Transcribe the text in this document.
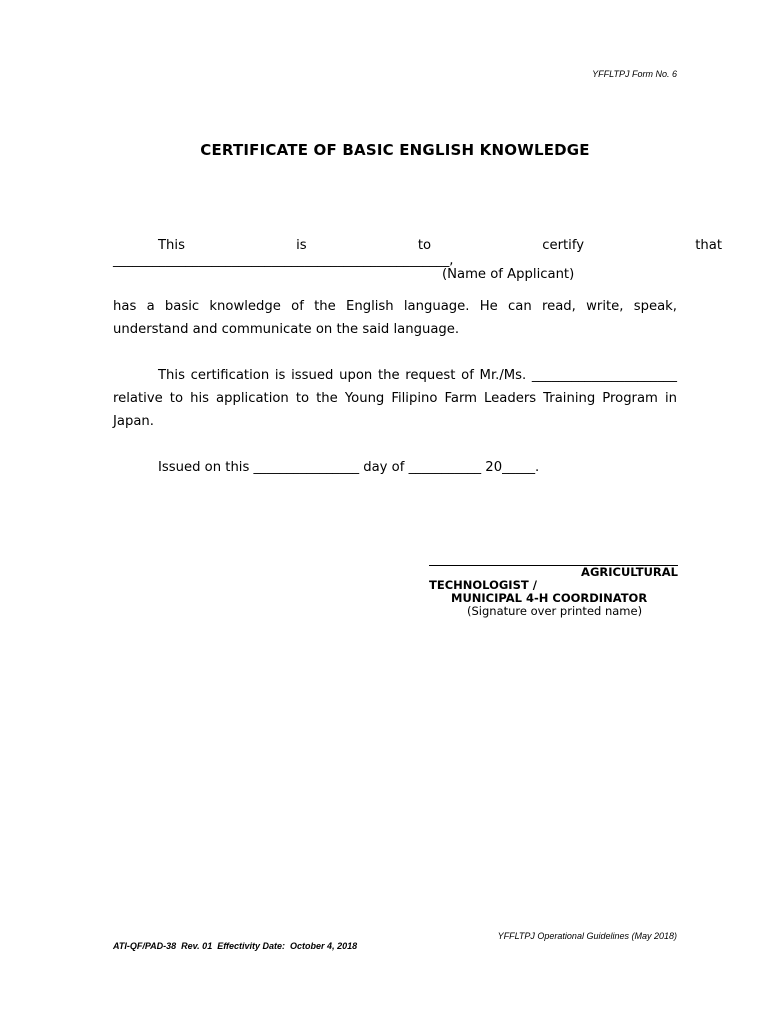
YFFLTPJ Form No. 6
CERTIFICATE OF BASIC ENGLISH KNOWLEDGE
This	is	to	certify	that
___________________________________________________,
(Name of Applicant)
has a basic knowledge of the English language. He can read, write, speak, understand and communicate on the said language.
This certification is issued upon the request of Mr./Ms. ______________________ relative to his application to the Young Filipino Farm Leaders Training Program in Japan.
Issued on this ________________ day of ___________ 20_____.
AGRICULTURAL
TECHNOLOGIST /
MUNICIPAL 4-H COORDINATOR
(Signature over printed name)
YFFLTPJ Operational Guidelines (May 2018)
ATI-QF/PAD-38  Rev. 01  Effectivity Date:  October 4, 2018
